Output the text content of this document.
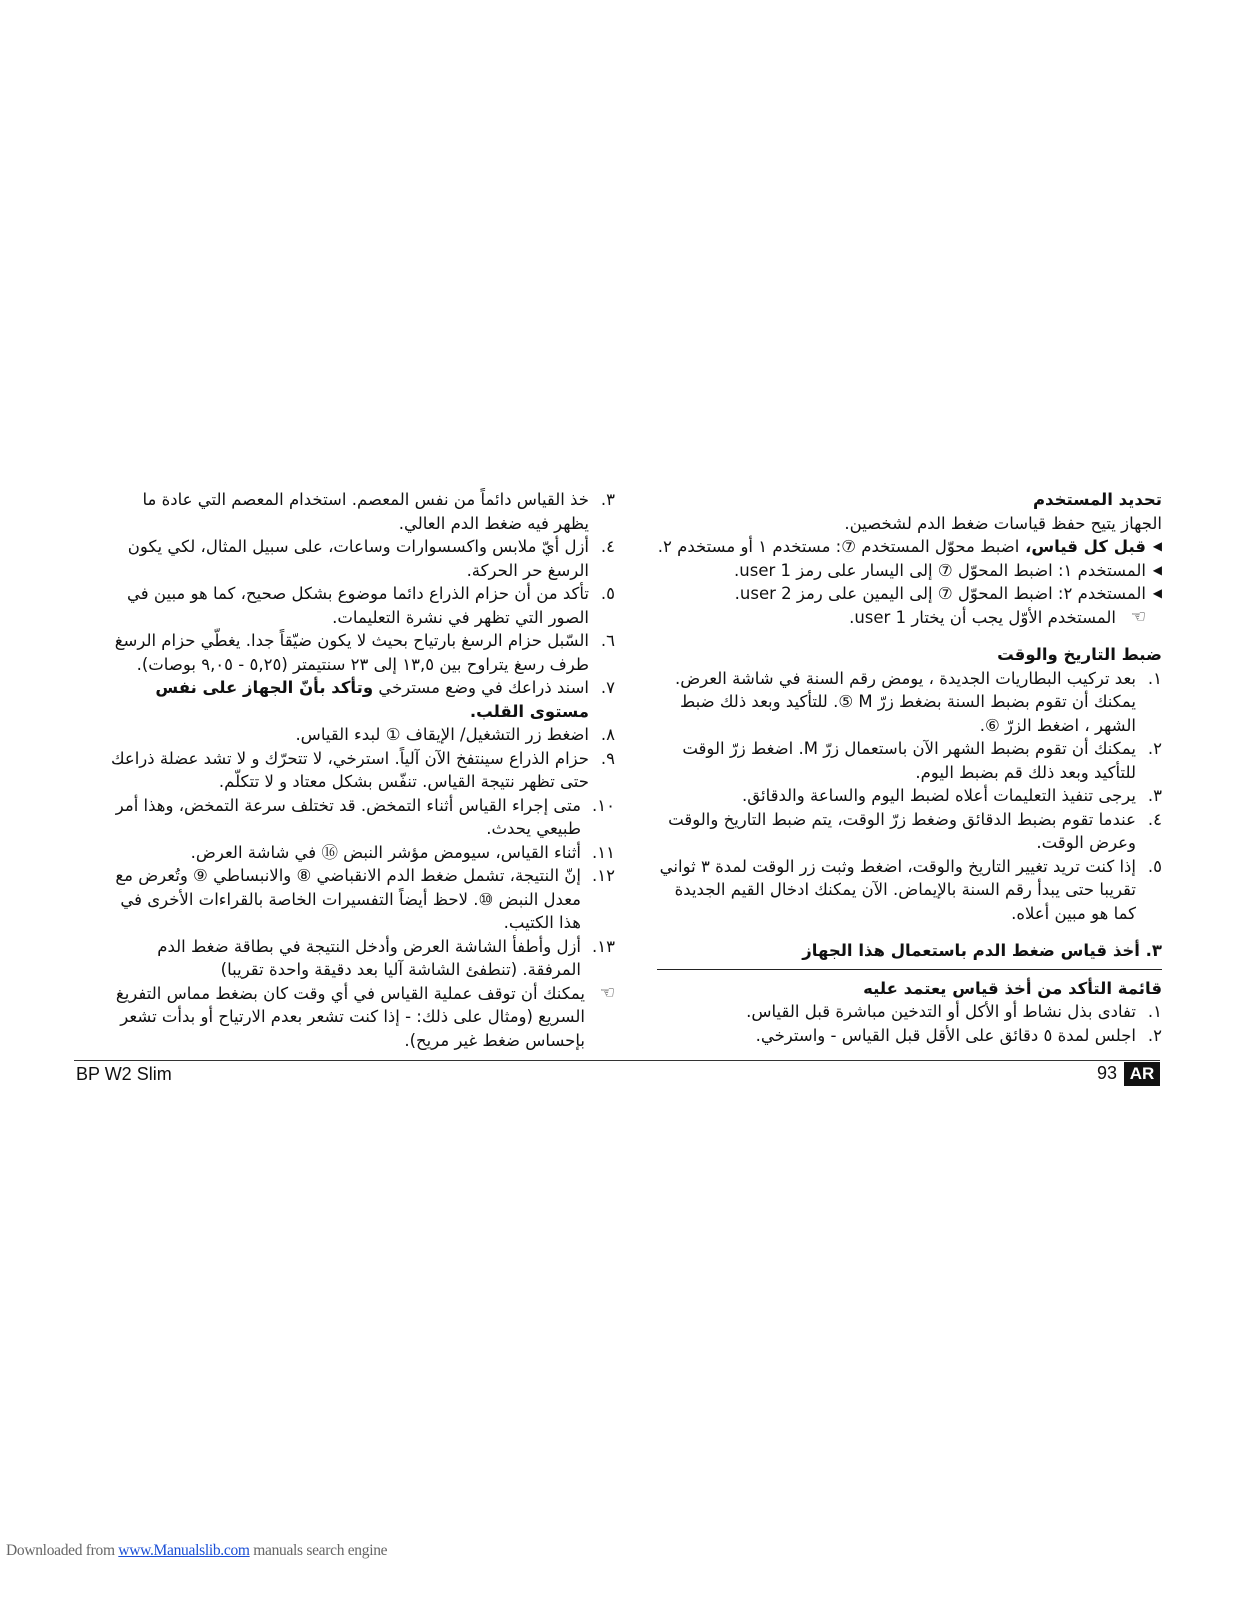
تحديد المستخدم

الجهاز يتيح حفظ قياسات ضغط الدم لشخصين.

◀
قبل كل قياس، اضبط محوّل المستخدم ⑦: مستخدم ١ أو مستخدم ٢.
◀
المستخدم ١: اضبط المحوّل ⑦ إلى اليسار على رمز user 1.
◀
المستخدم ٢: اضبط المحوّل ⑦ إلى اليمين على رمز user 2.
☜
المستخدم الأوّل يجب أن يختار user 1.
ضبط التاريخ والوقت
١.
بعد تركيب البطاريات الجديدة ، يومض رقم السنة في شاشة العرض. يمكنك أن تقوم بضبط السنة بضغط زرّ M ⑤. للتأكيد وبعد ذلك ضبط الشهر ، اضغط الزرّ ⑥.
٢.
يمكنك أن تقوم بضبط الشهر الآن باستعمال زرّ M. اضغط زرّ الوقت للتأكيد وبعد ذلك قم بضبط اليوم.
٣.
يرجى تنفيذ التعليمات أعلاه لضبط اليوم والساعة والدقائق.
٤.
عندما تقوم بضبط الدقائق وضغط زرّ الوقت، يتم ضبط التاريخ والوقت وعرض الوقت.
٥.
إذا كنت تريد تغيير التاريخ والوقت، اضغط وثبت زر الوقت لمدة ٣ ثواني تقريبا حتى يبدأ رقم السنة بالإيماض. الآن يمكنك ادخال القيم الجديدة كما هو مبين أعلاه.
٣. أخذ قياس ضغط الدم باستعمال هذا الجهاز
قائمة التأكد من أخذ قياس يعتمد عليه
١.
تفادى بذل نشاط أو الأكل أو التدخين مباشرة قبل القياس.
٢.
اجلس لمدة ٥ دقائق على الأقل قبل القياس - واسترخي.
٣.
خذ القياس دائماً من نفس المعصم. استخدام المعصم التي عادة ما يظهر فيه ضغط الدم العالي.
٤.
أزل أيّ ملابس واكسسوارات وساعات، على سبيل المثال، لكي يكون الرسغ حر الحركة.
٥.
تأكد من أن حزام الذراع دائما موضوع بشكل صحيح، كما هو مبين في الصور التي تظهر في نشرة التعليمات.
٦.
السّبل حزام الرسغ بارتياح بحيث لا يكون ضيّقاً جدا. يغطّي حزام الرسغ طرف رسغ يتراوح بين ١٣,٥ إلى ٢٣ سنتيمتر (٥,٢٥ - ٩,٠٥ بوصات).
٧.
اسند ذراعك في وضع مسترخي وتأكد بأنّ الجهاز على نفس مستوى القلب.
٨.
اضغط زر التشغيل/ الإيقاف ① لبدء القياس.
٩.
حزام الذراع سينتفخ الآن آلياً. استرخي، لا تتحرّك و لا تشد عضلة ذراعك حتى تظهر نتيجة القياس. تنفّس بشكل معتاد و لا تتكلّم.
١٠.
متى إجراء القياس أثناء التمخض. قد تختلف سرعة التمخض، وهذا أمر طبيعي يحدث.
١١.
أثناء القياس، سيومض مؤشر النبض ⑯ في شاشة العرض.
١٢.
إنّ النتيجة، تشمل ضغط الدم الانقباضي ⑧ والانبساطي ⑨ وتُعرض مع معدل النبض ⑩. لاحظ أيضاً التفسيرات الخاصة بالقراءات الأخرى في هذا الكتيب.
١٣.
أزل وأطفأ الشاشة العرض وأدخل النتيجة في بطاقة ضغط الدم المرفقة. (تنطفئ الشاشة آليا بعد دقيقة واحدة تقريبا)
☜
يمكنك أن توقف عملية القياس في أي وقت كان بضغط مماس التفريغ السريع (ومثال على ذلك: - إذا كنت تشعر بعدم الارتياح أو بدأت تشعر بإحساس ضغط غير مريح).
BP W2 Slim	93 AR
Downloaded from www.Manualslib.com manuals search engine
